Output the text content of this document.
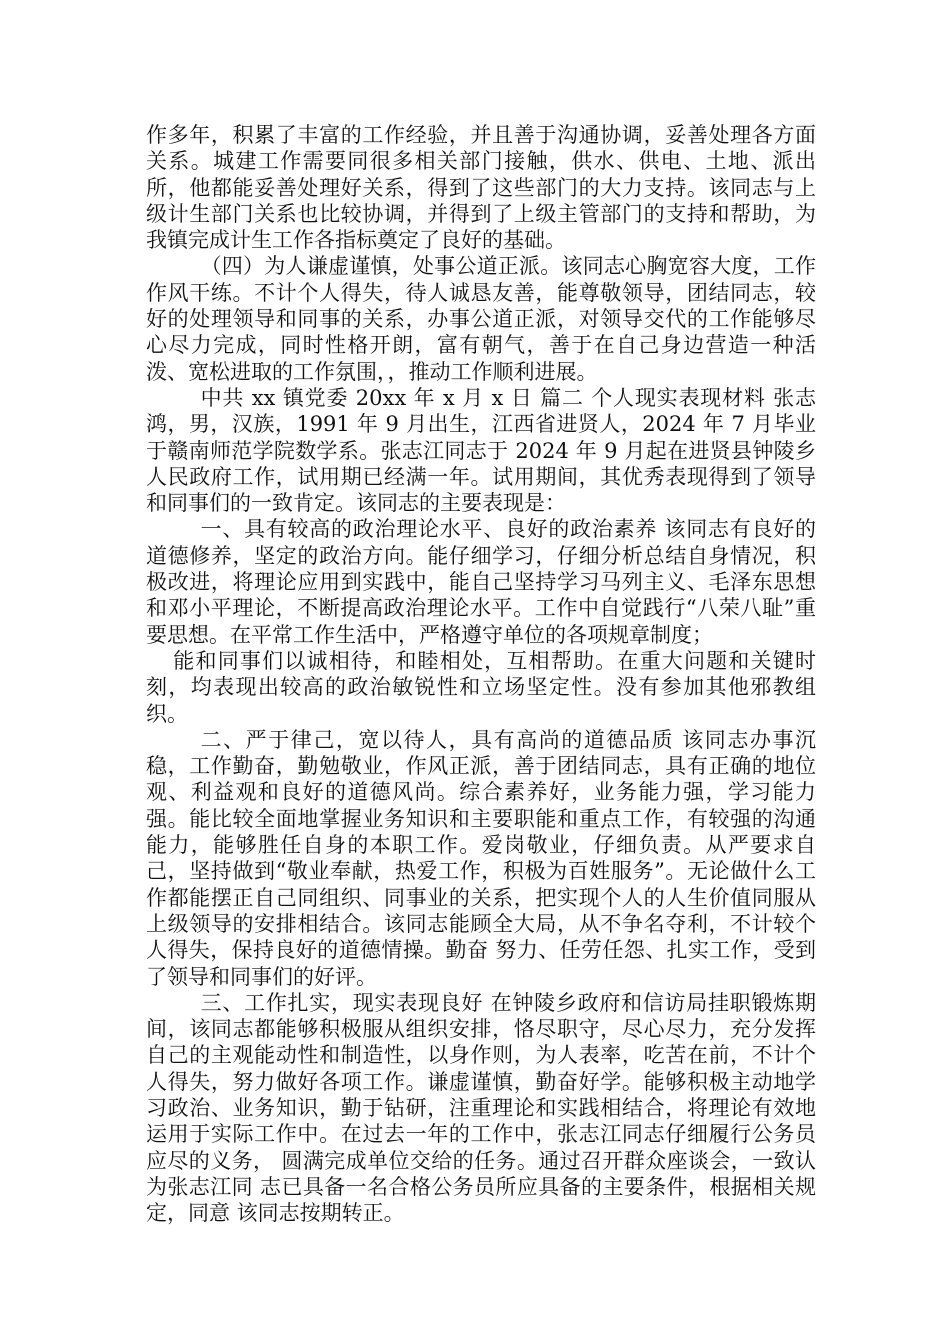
作多年，积累了丰富的工作经验，并且善于沟通协调，妥善处理各方面关系。城建工作需要同很多相关部门接触，供水、供电、土地、派出所，他都能妥善处理好关系，得到了这些部门的大力支持。该同志与上级计生部门关系也比较协调，并得到了上级主管部门的支持和帮助，为我镇完成计生工作各指标奠定了良好的基础。

（四）为人谦虚谨慎，处事公道正派。该同志心胸宽容大度，工作作风干练。不计个人得失，待人诚恳友善，能尊敬领导，团结同志，较好的处理领导和同事的关系，办事公道正派，对领导交代的工作能够尽心尽力完成，同时性格开朗，富有朝气，善于在自己身边营造一种活泼、宽松进取的工作氛围，，推动工作顺利进展。

中共 xx 镇党委 20xx 年 x 月 x 日 篇二 个人现实表现材料 张志鸿，男，汉族，1991 年 9 月出生，江西省进贤人，2024 年 7 月毕业于赣南师范学院数学系。张志江同志于 2024 年 9 月起在进贤县钟陵乡人民政府工作，试用期已经满一年。试用期间，其优秀表现得到了领导和同事们的一致肯定。该同志的主要表现是：

一、具有较高的政治理论水平、良好的政治素养 该同志有良好的道德修养，坚定的政治方向。能仔细学习，仔细分析总结自身情况，积极改进，将理论应用到实践中，能自己坚持学习马列主义、毛泽东思想和邓小平理论，不断提高政治理论水平。工作中自觉践行“八荣八耻”重要思想。在平常工作生活中，严格遵守单位的各项规章制度；

能和同事们以诚相待，和睦相处，互相帮助。在重大问题和关键时刻，均表现出较高的政治敏锐性和立场坚定性。没有参加其他邪教组织。

二、严于律己，宽以待人，具有高尚的道德品质 该同志办事沉稳，工作勤奋，勤勉敬业，作风正派，善于团结同志，具有正确的地位观、利益观和良好的道德风尚。综合素养好，业务能力强，学习能力强。能比较全面地掌握业务知识和主要职能和重点工作，有较强的沟通能力，能够胜任自身的本职工作。爱岗敬业，仔细负责。从严要求自己，坚持做到“敬业奉献，热爱工作，积极为百姓服务”。无论做什么工作都能摆正自己同组织、同事业的关系，把实现个人的人生价值同服从上级领导的安排相结合。该同志能顾全大局，从不争名夺利，不计较个人得失，保持良好的道德情操。勤奋 努力、任劳任怨、扎实工作，受到了领导和同事们的好评。

三、工作扎实，现实表现良好 在钟陵乡政府和信访局挂职锻炼期间，该同志都能够积极服从组织安排，恪尽职守，尽心尽力，充分发挥自己的主观能动性和制造性，以身作则，为人表率，吃苦在前，不计个人得失，努力做好各项工作。谦虚谨慎，勤奋好学。能够积极主动地学习政治、业务知识，勤于钻研，注重理论和实践相结合，将理论有效地运用于实际工作中。在过去一年的工作中，张志江同志仔细履行公务员应尽的义务， 圆满完成单位交给的任务。通过召开群众座谈会，一致认为张志江同 志已具备一名合格公务员所应具备的主要条件，根据相关规定，同意 该同志按期转正。
